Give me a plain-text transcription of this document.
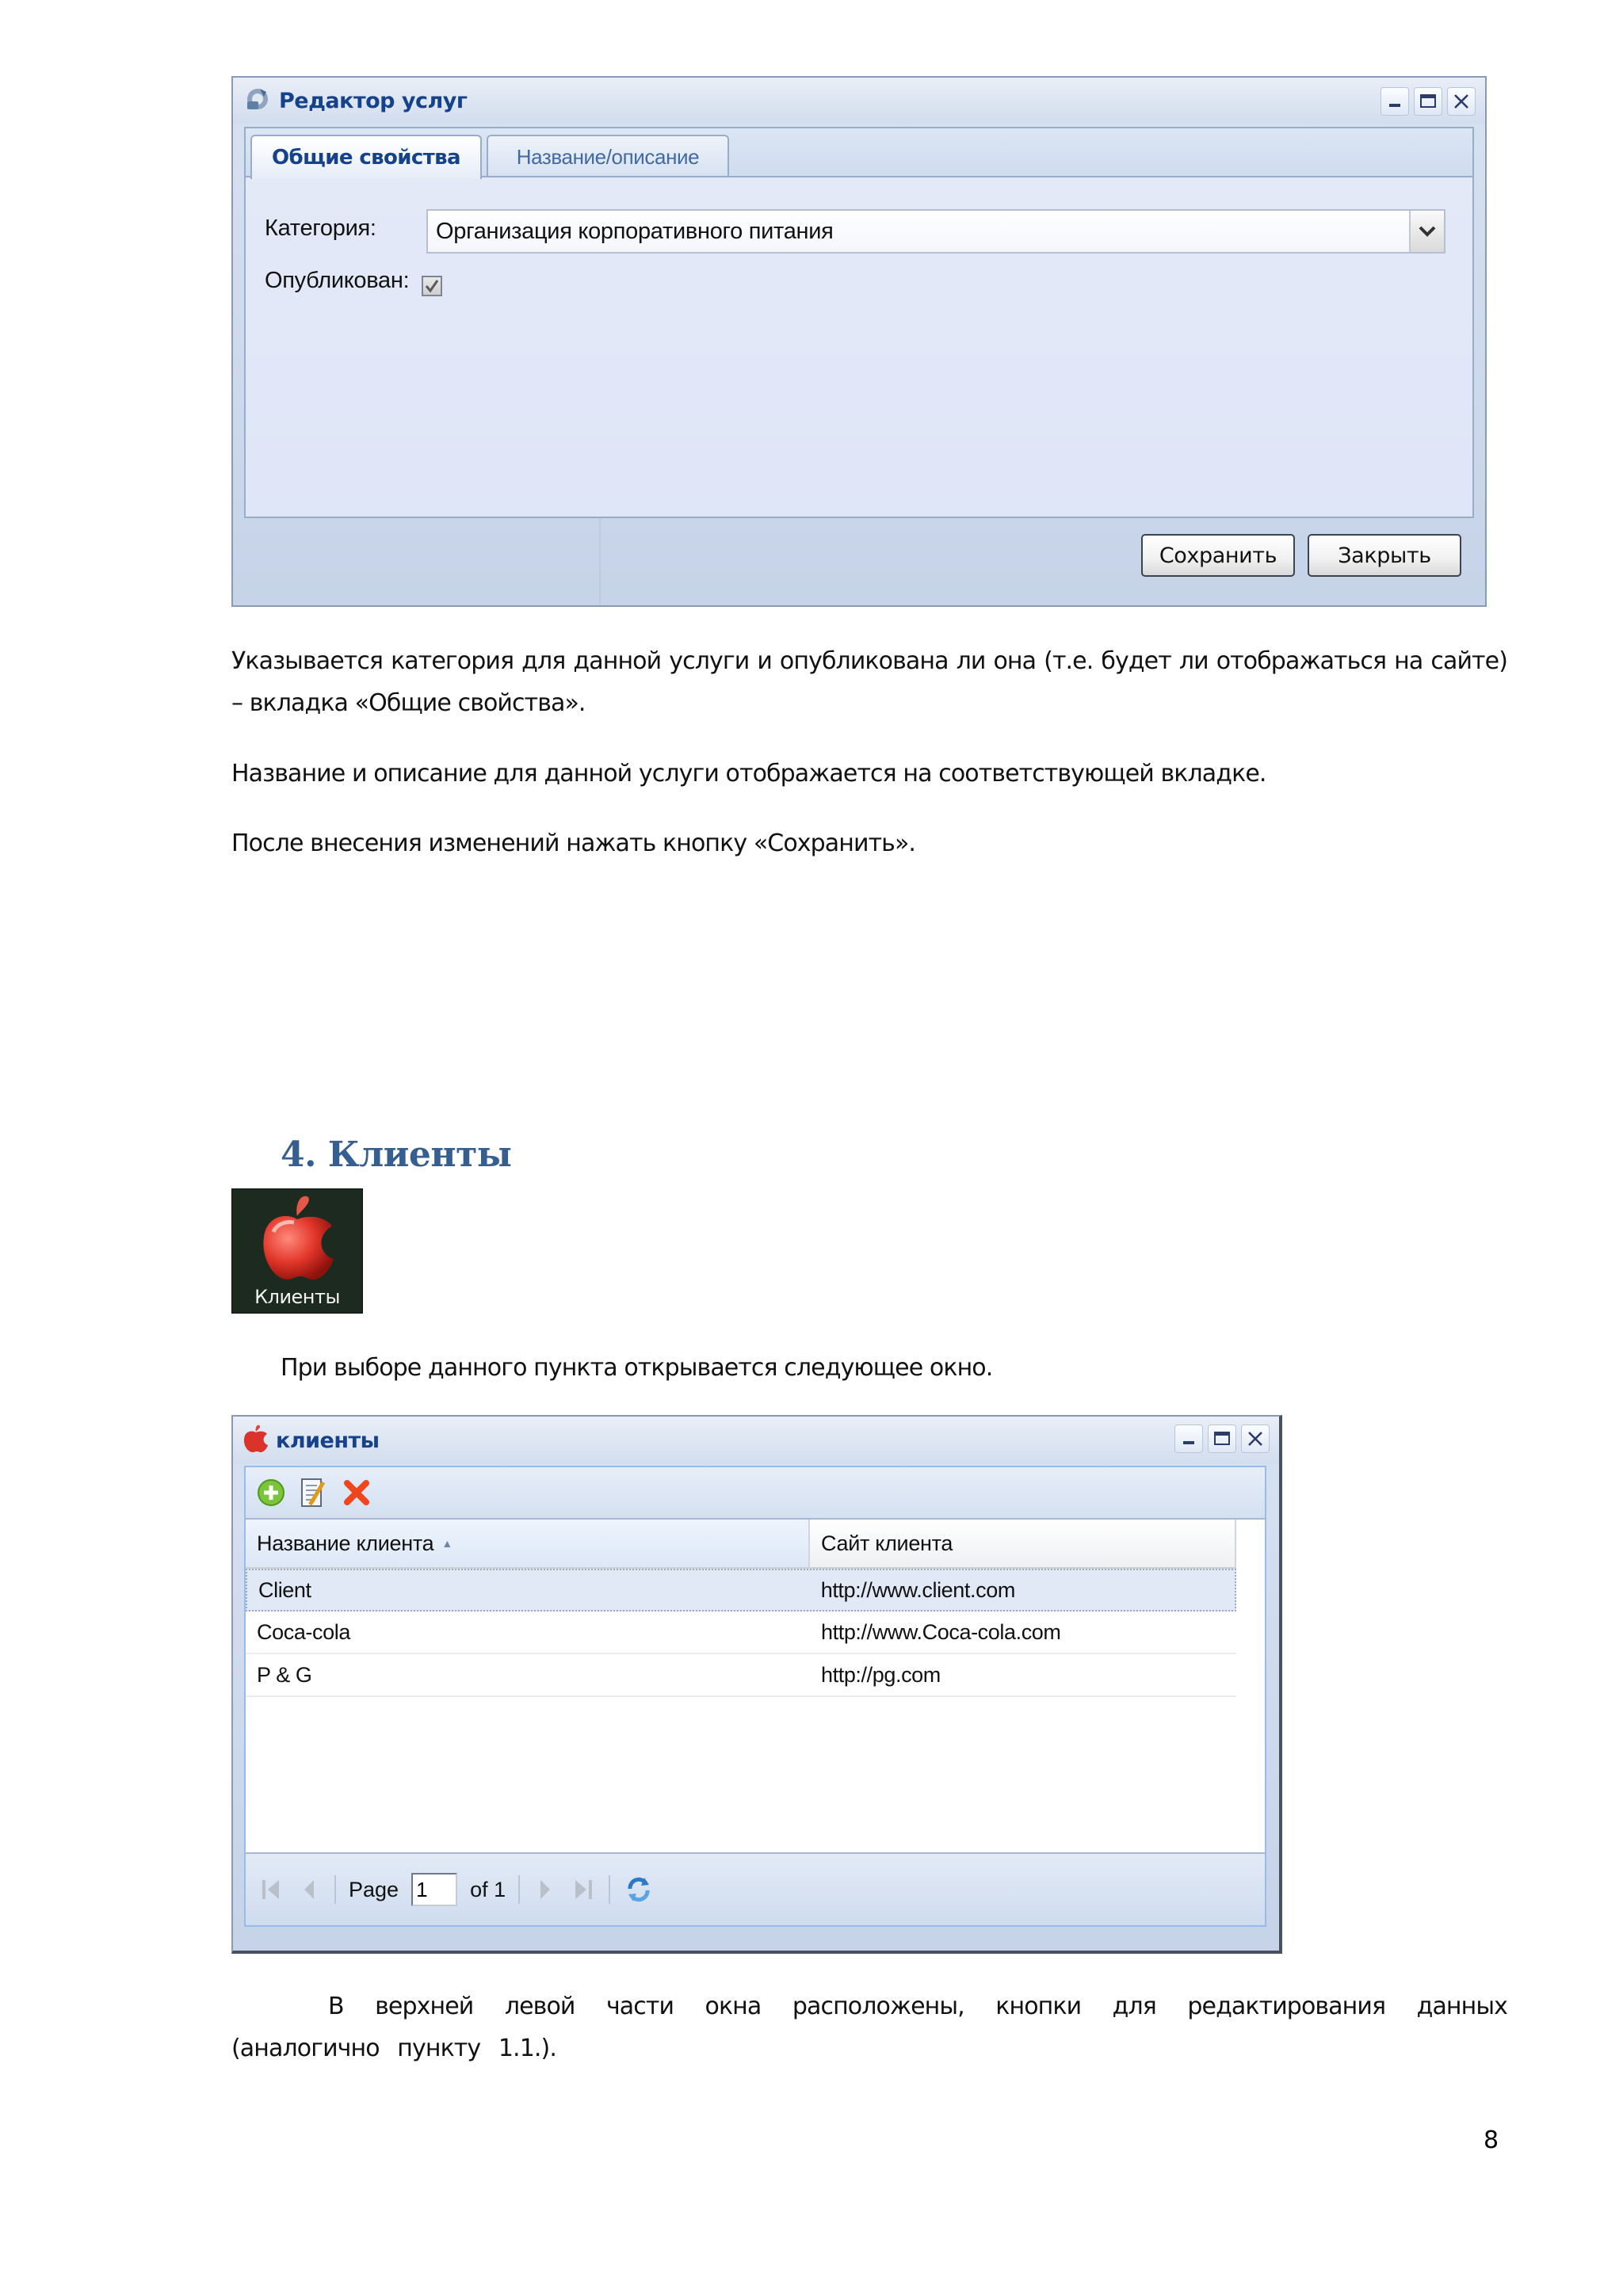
Редактор услуг
Общие свойства	Название/описание
Категория:	Организация корпоративного питания
Опубликован:
Сохранить	Закрыть

Указывается категория для данной услуги и опубликована ли она (т.е. будет ли отображаться на сайте) – вкладка «Общие свойства».

Название и описание для данной услуги отображается на соответствующей вкладке.

После внесения изменений нажать кнопку «Сохранить».

4. Клиенты
Клиенты

При выборе данного пункта открывается следующее окно.

клиенты
Название клиента ▲	Сайт клиента
Client	http://www.client.com
Coca-cola	http://www.Coca-cola.com
P & G	http://pg.com
Page
1	of 1

В верхней левой части окна расположены, кнопки для редактирования данных (аналогично пункту 1.1.).

8
